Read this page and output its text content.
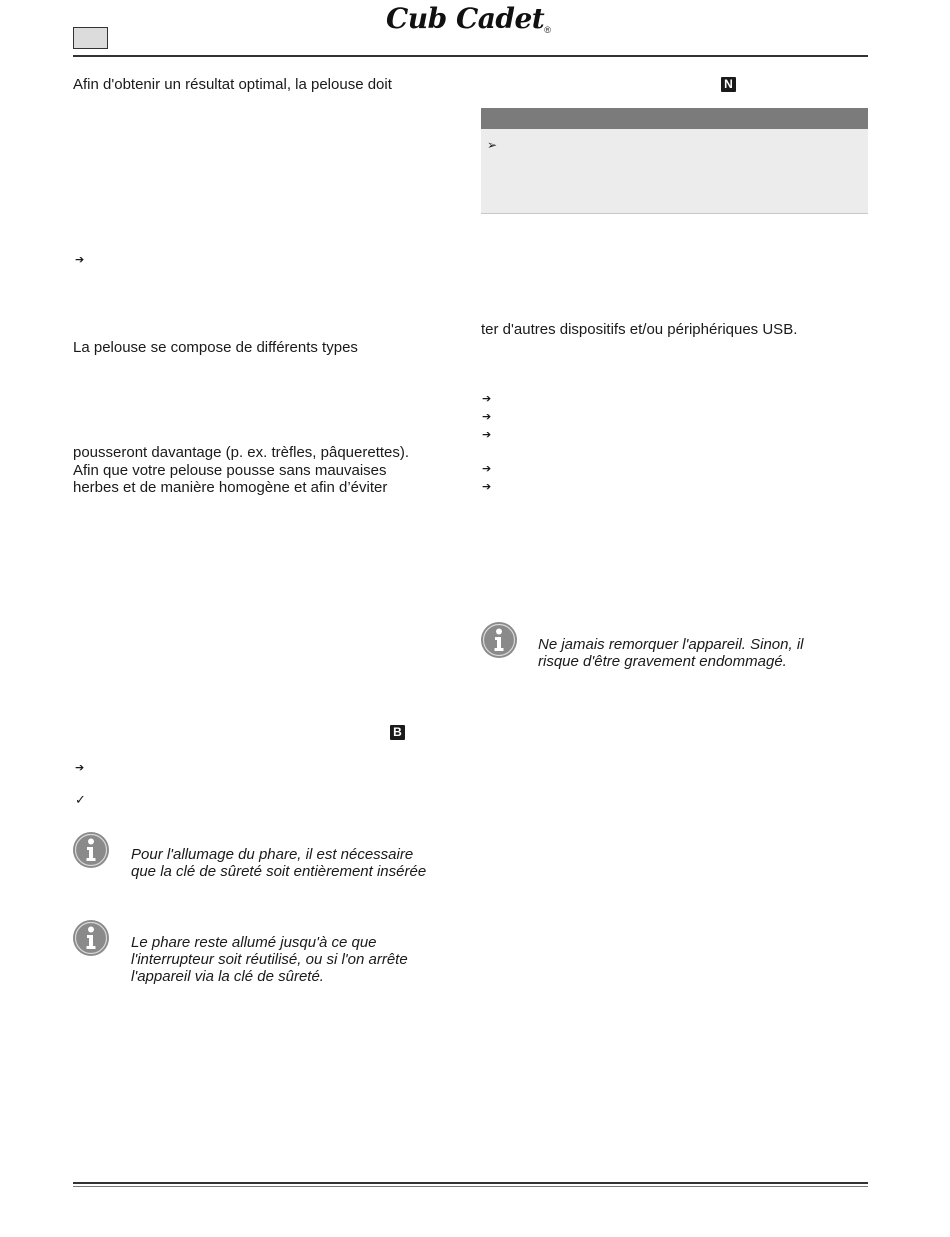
Cub Cadet®
Afin d'obtenir un résultat optimal, la pelouse doit
➔
La pelouse se compose de différents types
pousseront davantage (p. ex. trèfles, pâquerettes).
Afin que votre pelouse pousse sans mauvaises
herbes et de manière homogène et afin d’éviter
B
➔
✓
Pour l'allumage du phare, il est nécessaire
que la clé de sûreté soit entièrement insérée
Le phare reste allumé jusqu'à ce que
l'interrupteur soit réutilisé, ou si l'on arrête
l'appareil via la clé de sûreté.
N
➢
ter d'autres dispositifs et/ou périphériques USB.
➔
➔
➔
➔
➔
Ne jamais remorquer l'appareil. Sinon, il
risque d'être gravement endommagé.
